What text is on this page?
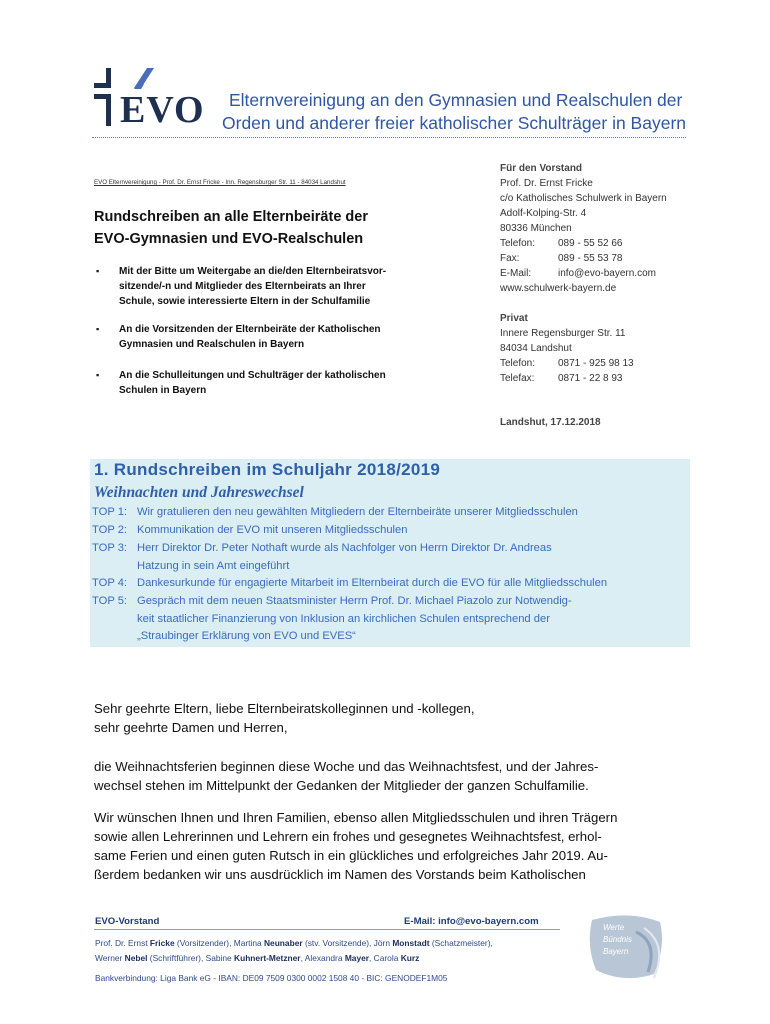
EVO Elternvereinigung an den Gymnasien und Realschulen der
Orden und anderer freier katholischer Schulträger in Bayern
EVO Elternvereinigung - Prof. Dr. Ernst Fricke - Inn. Regensburger Str. 11 - 84034 Landshut
Rundschreiben an alle Elternbeiräte der
EVO-Gymnasien und EVO-Realschulen
▪ Mit der Bitte um Weitergabe an die/den Elternbeiratsvor-
sitzende/-n und Mitglieder des Elternbeirats an Ihrer
Schule, sowie interessierte Eltern in der Schulfamilie
▪ An die Vorsitzenden der Elternbeiräte der Katholischen
Gymnasien und Realschulen in Bayern
▪ An die Schulleitungen und Schulträger der katholischen
Schulen in Bayern
Für den Vorstand
Prof. Dr. Ernst Fricke
c/o Katholisches Schulwerk in Bayern
Adolf-Kolping-Str. 4
80336 München
Telefon: 089 - 55 52 66
Fax:	089 - 55 53 78
E-Mail:	info@evo-bayern.com
www.schulwerk-bayern.de
Privat
Innere Regensburger Str. 11
84034 Landshut
Telefon: 0871 - 925 98 13
Telefax: 0871 - 22 8 93
Landshut, 17.12.2018
1. Rundschreiben im Schuljahr 2018/2019
Weihnachten und Jahreswechsel
TOP 1: Wir gratulieren den neu gewählten Mitgliedern der Elternbeiräte unserer Mitgliedsschulen
TOP 2: Kommunikation der EVO mit unseren Mitgliedsschulen
TOP 3: Herr Direktor Dr. Peter Nothaft wurde als Nachfolger von Herrn Direktor Dr. Andreas
Hatzung in sein Amt eingeführt
TOP 4: Dankesurkunde für engagierte Mitarbeit im Elternbeirat durch die EVO für alle Mitgliedsschulen
TOP 5: Gespräch mit dem neuen Staatsminister Herrn Prof. Dr. Michael Piazolo zur Notwendig-
keit staatlicher Finanzierung von Inklusion an kirchlichen Schulen entsprechend der
„Straubinger Erklärung von EVO und EVES“
Sehr geehrte Eltern, liebe Elternbeiratskolleginnen und -kollegen,
sehr geehrte Damen und Herren,
die Weihnachtsferien beginnen diese Woche und das Weihnachtsfest, und der Jahres-
wechsel stehen im Mittelpunkt der Gedanken der Mitglieder der ganzen Schulfamilie.
Wir wünschen Ihnen und Ihren Familien, ebenso allen Mitgliedsschulen und ihren Trägern
sowie allen Lehrerinnen und Lehrern ein frohes und gesegnetes Weihnachtsfest, erhol-
same Ferien und einen guten Rutsch in ein glückliches und erfolgreiches Jahr 2019. Au-
ßerdem bedanken wir uns ausdrücklich im Namen des Vorstands beim Katholischen
EVO-Vorstand	E-Mail: info@evo-bayern.com
Prof. Dr. Ernst Fricke (Vorsitzender), Martina Neunaber (stv. Vorsitzende), Jörn Monstadt (Schatzmeister),
Werner Nebel (Schriftführer), Sabine Kuhnert-Metzner, Alexandra Mayer, Carola Kurz
Bankverbindung: Liga Bank eG - IBAN: DE09 7509 0300 0002 1508 40 - BIC: GENODEF1M05
Werte
Bündnis
Bayern
